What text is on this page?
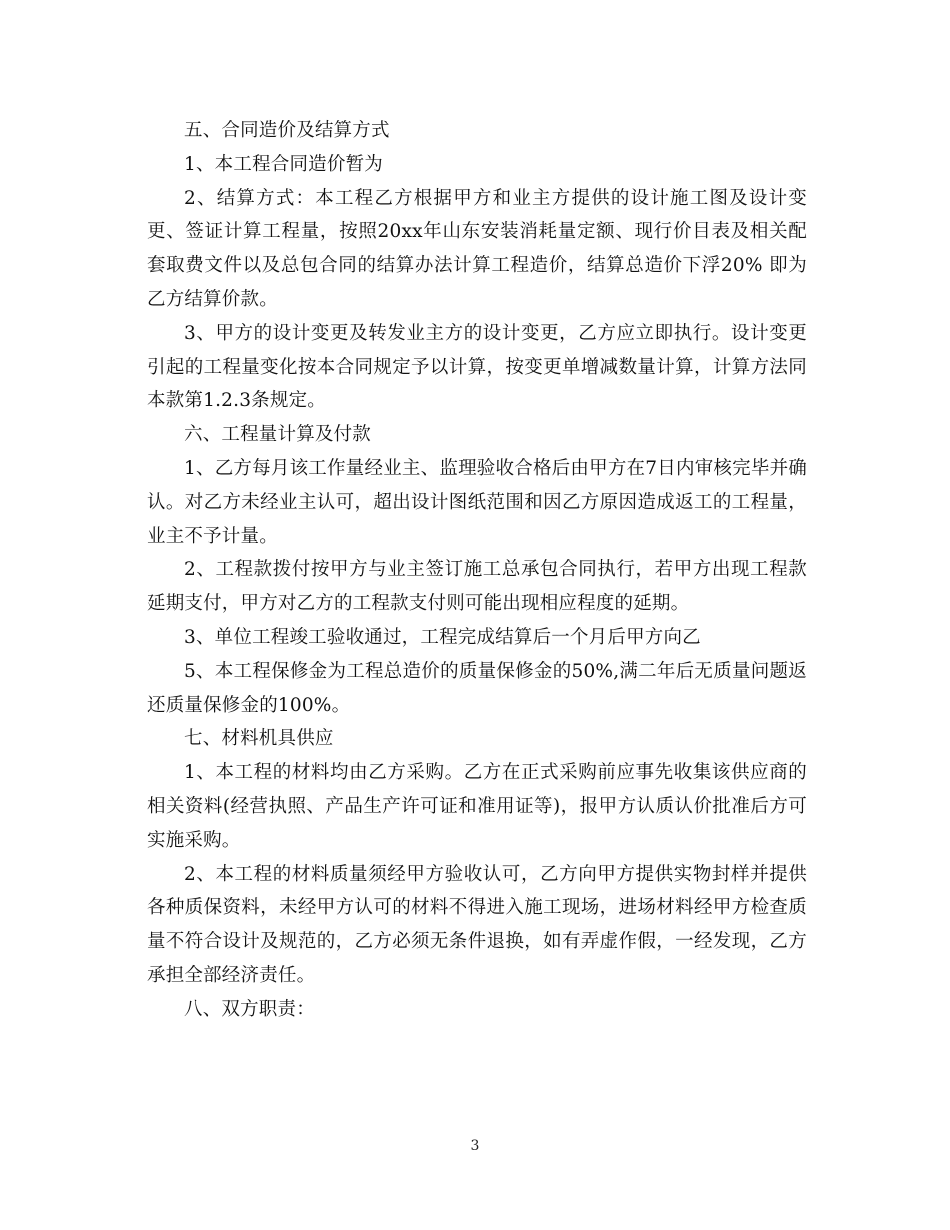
五、合同造价及结算方式

1、本工程合同造价暂为

2、结算方式：本工程乙方根据甲方和业主方提供的设计施工图及设计变更、签证计算工程量，按照20xx年山东安装消耗量定额、现行价目表及相关配套取费文件以及总包合同的结算办法计算工程造价，结算总造价下浮20% 即为乙方结算价款。

3、甲方的设计变更及转发业主方的设计变更，乙方应立即执行。设计变更引起的工程量变化按本合同规定予以计算，按变更单增减数量计算，计算方法同本款第1.2.3条规定。

六、工程量计算及付款

1、乙方每月该工作量经业主、监理验收合格后由甲方在7日内审核完毕并确认。对乙方未经业主认可，超出设计图纸范围和因乙方原因造成返工的工程量，业主不予计量。

2、工程款拨付按甲方与业主签订施工总承包合同执行，若甲方出现工程款延期支付，甲方对乙方的工程款支付则可能出现相应程度的延期。

3、单位工程竣工验收通过，工程完成结算后一个月后甲方向乙

5、本工程保修金为工程总造价的质量保修金的50%,满二年后无质量问题返还质量保修金的100%。

七、材料机具供应

1、本工程的材料均由乙方采购。乙方在正式采购前应事先收集该供应商的相关资料(经营执照、产品生产许可证和准用证等)，报甲方认质认价批准后方可实施采购。

2、本工程的材料质量须经甲方验收认可，乙方向甲方提供实物封样并提供各种质保资料，未经甲方认可的材料不得进入施工现场，进场材料经甲方检查质量不符合设计及规范的，乙方必须无条件退换，如有弄虚作假，一经发现，乙方承担全部经济责任。

八、双方职责：

3
